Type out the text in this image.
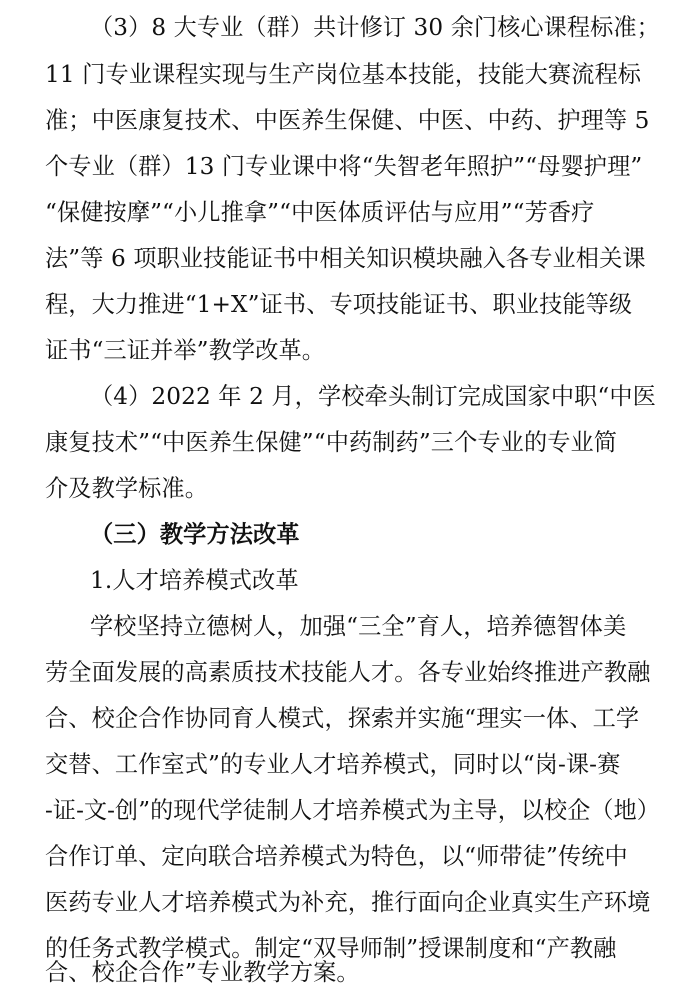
（3）8 大专业（群）共计修订 30 余门核心课程标准；
11 门专业课程实现与生产岗位基本技能，技能大赛流程标
准；中医康复技术、中医养生保健、中医、中药、护理等 5
个专业（群）13 门专业课中将“失智老年照护”“母婴护理”
“保健按摩”“小儿推拿”“中医体质评估与应用”“芳香疗
法”等 6 项职业技能证书中相关知识模块融入各专业相关课
程，大力推进“1+X”证书、专项技能证书、职业技能等级
证书“三证并举”教学改革。
（4）2022 年 2 月，学校牵头制订完成国家中职“中医
康复技术”“中医养生保健”“中药制药”三个专业的专业简
介及教学标准。
（三）教学方法改革
1.人才培养模式改革
学校坚持立德树人，加强“三全”育人，培养德智体美
劳全面发展的高素质技术技能人才。各专业始终推进产教融
合、校企合作协同育人模式，探索并实施“理实一体、工学
交替、工作室式”的专业人才培养模式，同时以“岗-课-赛
-证-文-创”的现代学徒制人才培养模式为主导，以校企（地）
合作订单、定向联合培养模式为特色，以“师带徒”传统中
医药专业人才培养模式为补充，推行面向企业真实生产环境
的任务式教学模式。制定“双导师制”授课制度和“产教融
合、校企合作”专业教学方案。
